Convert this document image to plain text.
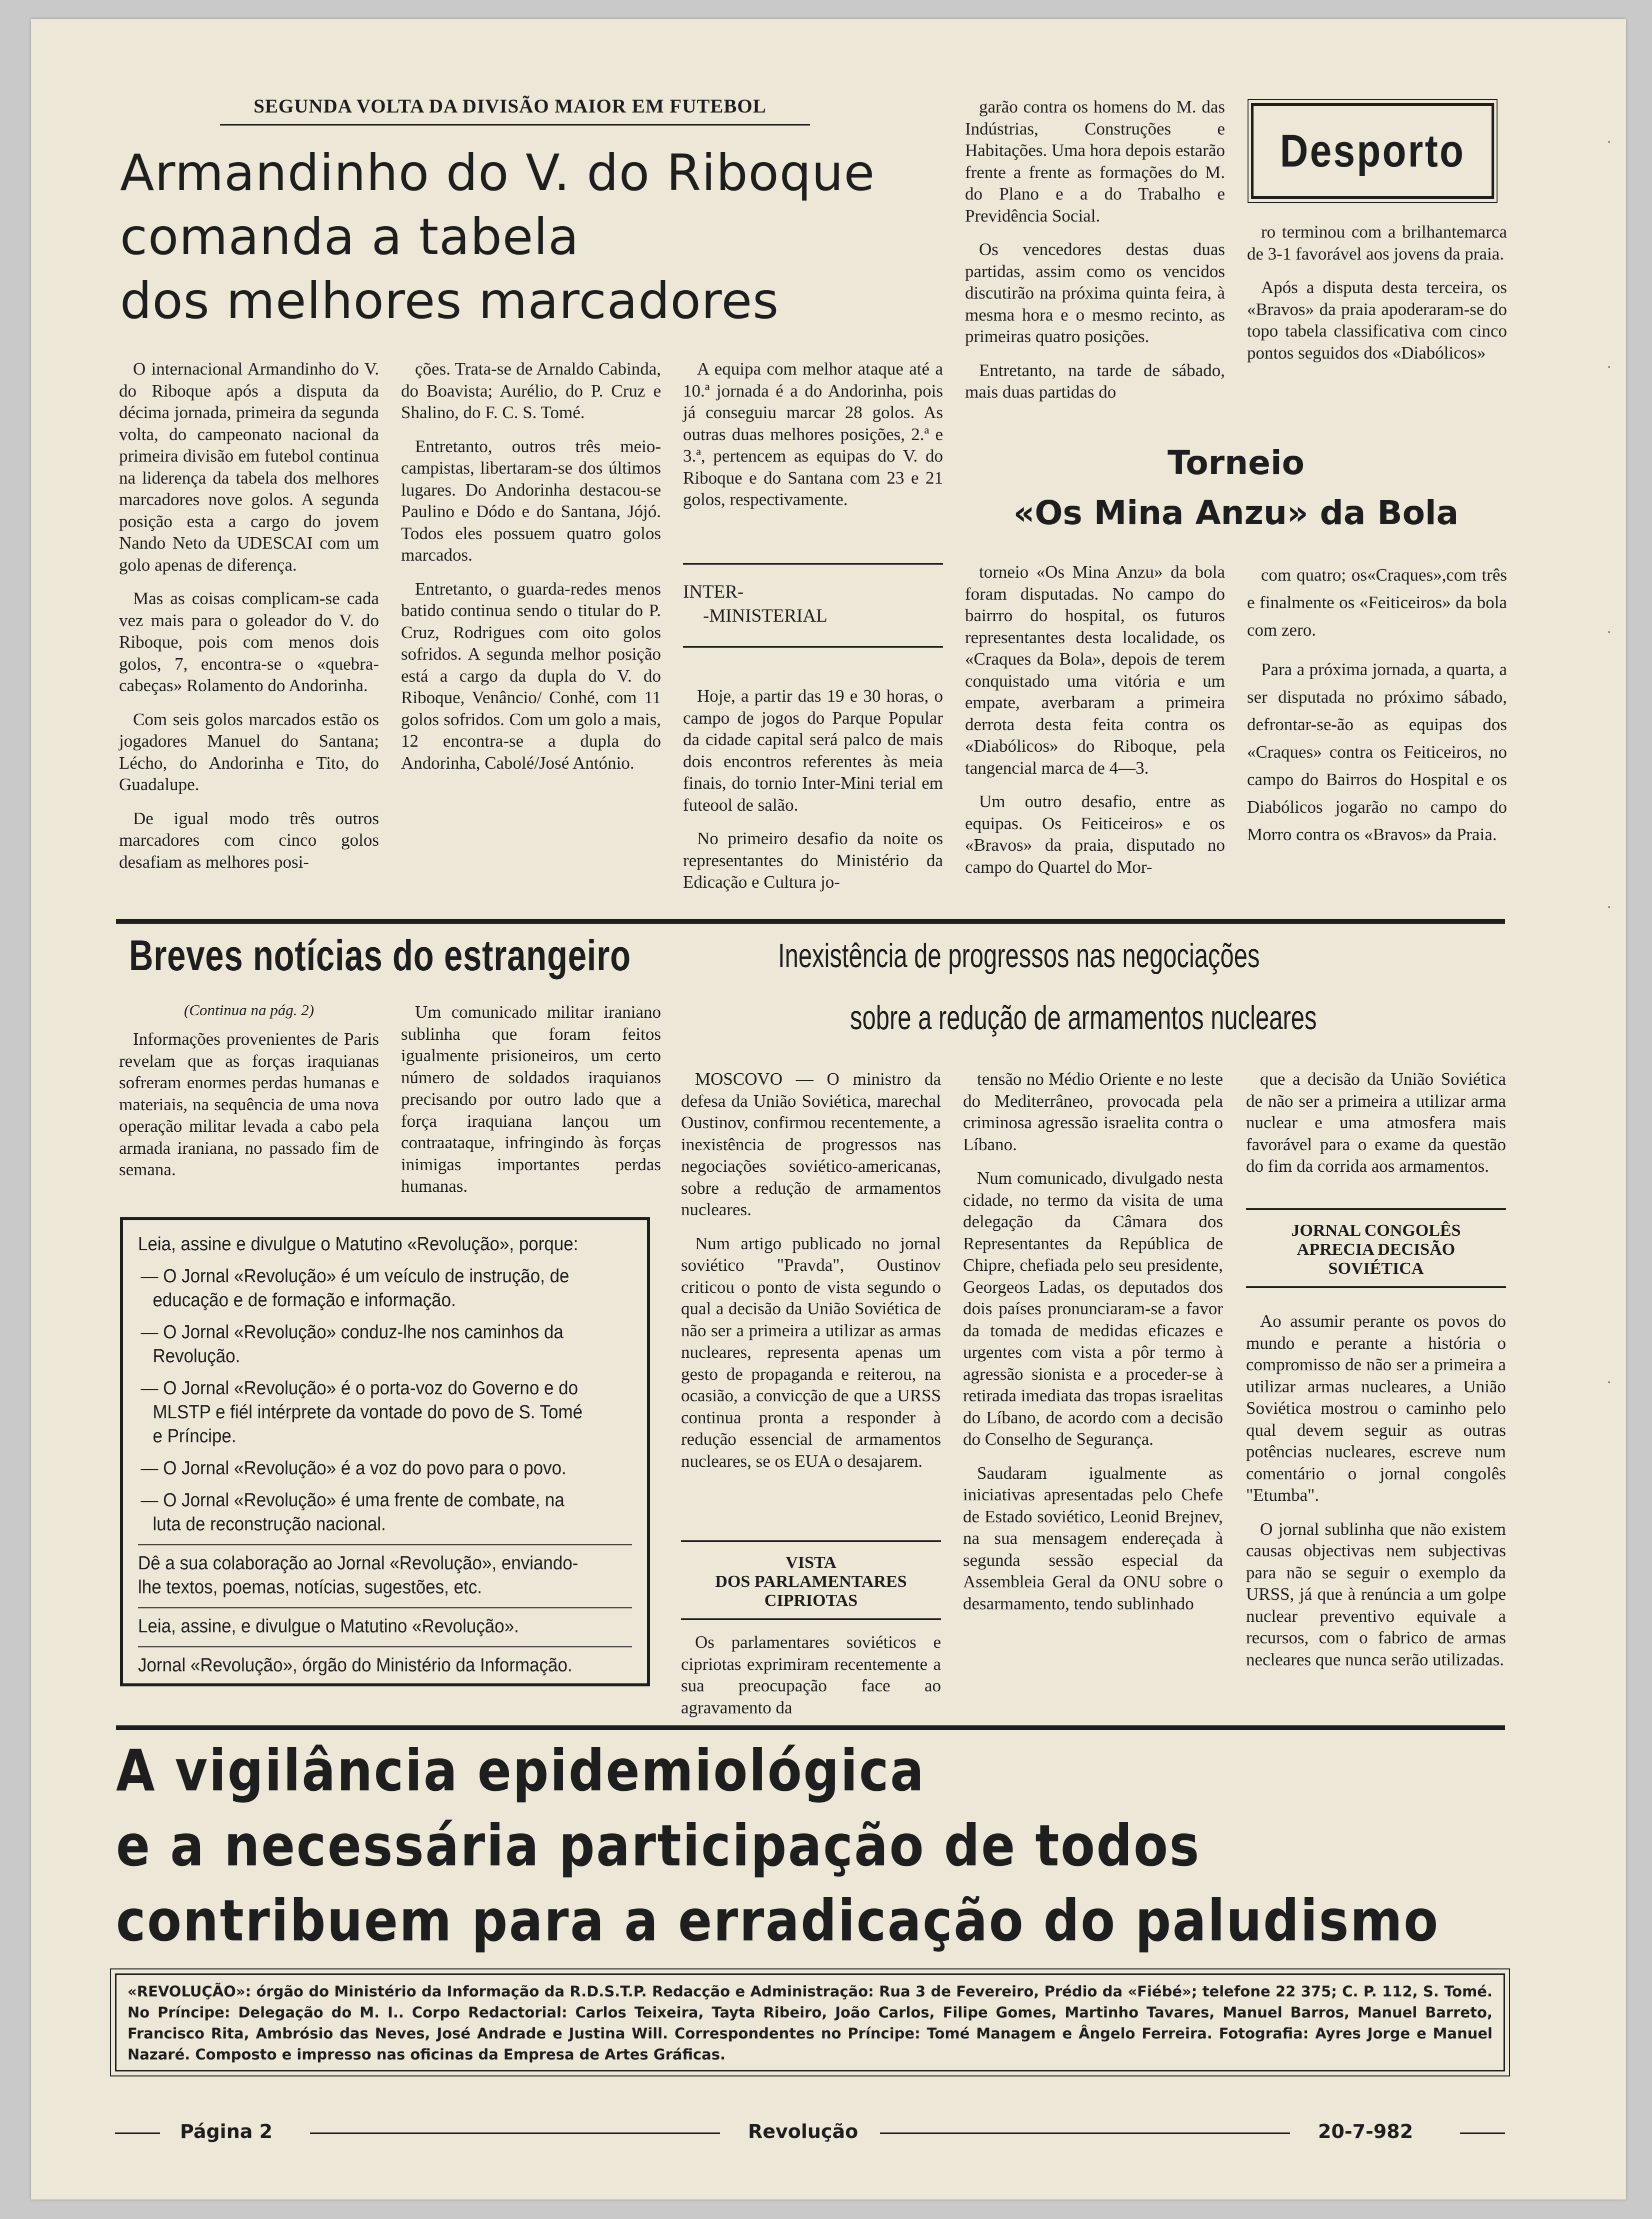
SEGUNDA VOLTA DA DIVISÃO MAIOR EM FUTEBOL
Armandinho do V. do Riboque
comanda a tabela
dos melhores marcadores

O internacional Armandinho do V. do Riboque após a disputa da décima jornada, primeira da segunda volta, do campeonato nacional da primeira divisão em futebol continua na liderença da tabela dos melhores marcadores nove golos. A segunda posição esta a cargo do jovem Nando Neto da UDESCAI com um golo apenas de diferença.

Mas as coisas complicam-se cada vez mais para o goleador do V. do Riboque, pois com menos dois golos, 7, encontra-se o «quebra-cabeças» Rolamento do Andorinha.

Com seis golos marcados estão os jogadores Manuel do Santana; Lécho, do Andorinha e Tito, do Guadalupe.

De igual modo três outros marcadores com cinco golos desafiam as melhores posi-

ções. Trata-se de Arnaldo Cabinda, do Boavista; Aurélio, do P. Cruz e Shalino, do F. C. S. Tomé.

Entretanto, outros três meio-campistas, libertaram-se dos últimos lugares. Do Andorinha destacou-se Paulino e Dódo e do Santana, Jójó. Todos eles possuem quatro golos marcados.

Entretanto, o guarda-redes menos batido continua sendo o titular do P. Cruz, Rodrigues com oito golos sofridos. A segunda melhor posição está a cargo da dupla do V. do Riboque, Venâncio/ Conhé, com 11 golos sofridos. Com um golo a mais, 12 encontra-se a dupla do Andorinha, Cabolé/José António.

A equipa com melhor ataque até a 10.ª jornada é a do Andorinha, pois já conseguiu marcar 28 golos. As outras duas melhores posições, 2.ª e 3.ª, pertencem as equipas do V. do Riboque e do Santana com 23 e 21 golos, respectivamente.

INTER-
-MINISTERIAL

Hoje, a partir das 19 e 30 horas, o campo de jogos do Parque Popular da cidade capital será palco de mais dois encontros referentes às meia finais, do tornio Inter-Mini terial em futeool de salão.

No primeiro desafio da noite os representantes do Ministério da Edicação e Cultura jo-

garão contra os homens do M. das Indústrias, Construções e Habitações. Uma hora depois estarão frente a frente as formações do M. do Plano e a do Trabalho e Previdência Social.

Os vencedores destas duas partidas, assim como os vencidos discutirão na próxima quinta feira, à mesma hora e o mesmo recinto, as primeiras quatro posições.

Entretanto, na tarde de sábado, mais duas partidas do

Desporto

ro terminou com a brilhantemarca de 3-1 favorável aos jovens da praia.

Após a disputa desta terceira, os «Bravos» da praia apoderaram-se do topo tabela classificativa com cinco pontos seguidos dos «Diabólicos»

Torneio
«Os Mina Anzu» da Bola

torneio «Os Mina Anzu» da bola foram disputadas. No campo do bairrro do hospital, os futuros representantes desta localidade, os «Craques da Bola», depois de terem conquistado uma vitória e um empate, averbaram a primeira derrota desta feita contra os «Diabólicos» do Riboque, pela tangencial marca de 4—3.

Um outro desafio, entre as equipas. Os Feiticeiros» e os «Bravos» da praia, disputado no campo do Quartel do Mor-

com quatro; os«Craques»,com três e finalmente os «Feiticeiros» da bola com zero.

Para a próxima jornada, a quarta, a ser disputada no próximo sábado, defrontar-se-ão as equipas dos «Craques» contra os Feiticeiros, no campo do Bairros do Hospital e os Diabólicos jogarão no campo do Morro contra os «Bravos» da Praia.

Breves notícias do estrangeiro
(Continua na pág. 2)

Informações provenientes de Paris revelam que as forças iraquianas sofreram enormes perdas humanas e materiais, na sequência de uma nova operação militar levada a cabo pela armada iraniana, no passado fim de semana.

Um comunicado militar iraniano sublinha que foram feitos igualmente prisioneiros, um certo número de soldados iraquianos precisando por outro lado que a força iraquiana lançou um contraataque, infringindo às forças inimigas importantes perdas humanas.

Leia, assine e divulgue o Matutino «Revolução», porque:

— O Jornal «Revolução» é um veículo de instrução, de educação e de formação e informação.

— O Jornal «Revolução» conduz-lhe nos caminhos da Revolução.

— O Jornal «Revolução» é o porta-voz do Governo e do MLSTP e fiél intérprete da vontade do povo de S. Tomé e Príncipe.

— O Jornal «Revolução» é a voz do povo para o povo.

— O Jornal «Revolução» é uma frente de combate, na luta de reconstrução nacional.

Dê a sua colaboração ao Jornal «Revolução», enviando-lhe textos, poemas, notícias, sugestões, etc.

Leia, assine, e divulgue o Matutino «Revolução».

Jornal «Revolução», órgão do Ministério da Informação.

Inexistência de progressos nas negociações
sobre a redução de armamentos nucleares

MOSCOVO — O ministro da defesa da União Soviética, marechal Oustinov, confirmou recentemente, a inexistência de progressos nas negociações soviético-americanas, sobre a redução de armamentos nucleares.

Num artigo publicado no jornal soviético "Pravda", Oustinov criticou o ponto de vista segundo o qual a decisão da União Soviética de não ser a primeira a utilizar as armas nucleares, representa apenas um gesto de propaganda e reiterou, na ocasião, a convicção de que a URSS continua pronta a responder à redução essencial de armamentos nucleares, se os EUA o desajarem.

VISTA
DOS PARLAMENTARES
CIPRIOTAS

Os parlamentares soviéticos e cipriotas exprimiram recentemente a sua preocupação face ao agravamento da

tensão no Médio Oriente e no leste do Mediterrâneo, provocada pela criminosa agressão israelita contra o Líbano.

Num comunicado, divulgado nesta cidade, no termo da visita de uma delegação da Câmara dos Representantes da República de Chipre, chefiada pelo seu presidente, Georgeos Ladas, os deputados dos dois países pronunciaram-se a favor da tomada de medidas eficazes e urgentes com vista a pôr termo à agressão sionista e a proceder-se à retirada imediata das tropas israelitas do Líbano, de acordo com a decisão do Conselho de Segurança.

Saudaram igualmente as iniciativas apresentadas pelo Chefe de Estado soviético, Leonid Brejnev, na sua mensagem endereçada à segunda sessão especial da Assembleia Geral da ONU sobre o desarmamento, tendo sublinhado

que a decisão da União Soviética de não ser a primeira a utilizar arma nuclear e uma atmosfera mais favorável para o exame da questão do fim da corrida aos armamentos.

JORNAL CONGOLÊS
APRECIA DECISÃO
SOVIÉTICA

Ao assumir perante os povos do mundo e perante a história o compromisso de não ser a primeira a utilizar armas nucleares, a União Soviética mostrou o caminho pelo qual devem seguir as outras potências nucleares, escreve num comentário o jornal congolês "Etumba".

O jornal sublinha que não existem causas objectivas nem subjectivas para não se seguir o exemplo da URSS, já que à renúncia a um golpe nuclear preventivo equivale a recursos, com o fabrico de armas necleares que nunca serão utilizadas.

A vigilância epidemiológica
e a necessária participação de todos
contribuem para a erradicação do paludismo
«REVOLUÇÃO»: órgão do Ministério da Informação da R.D.S.T.P. Redacção e Administração: Rua 3 de Fevereiro, Prédio da «Fiébé»; telefone 22 375; C. P. 112, S. Tomé. No Príncipe: Delegação do M. I.. Corpo Redactorial: Carlos Teixeira, Tayta Ribeiro, João Carlos, Filipe Gomes, Martinho Tavares, Manuel Barros, Manuel Barreto, Francisco Rita, Ambrósio das Neves, José Andrade e Justina Will. Correspondentes no Príncipe: Tomé Managem e Ângelo Ferreira. Fotografia: Ayres Jorge e Manuel Nazaré. Composto e impresso nas oficinas da Empresa de Artes Gráficas.
Página 2	Revolução	20-7-982
·
·
·
·
·
